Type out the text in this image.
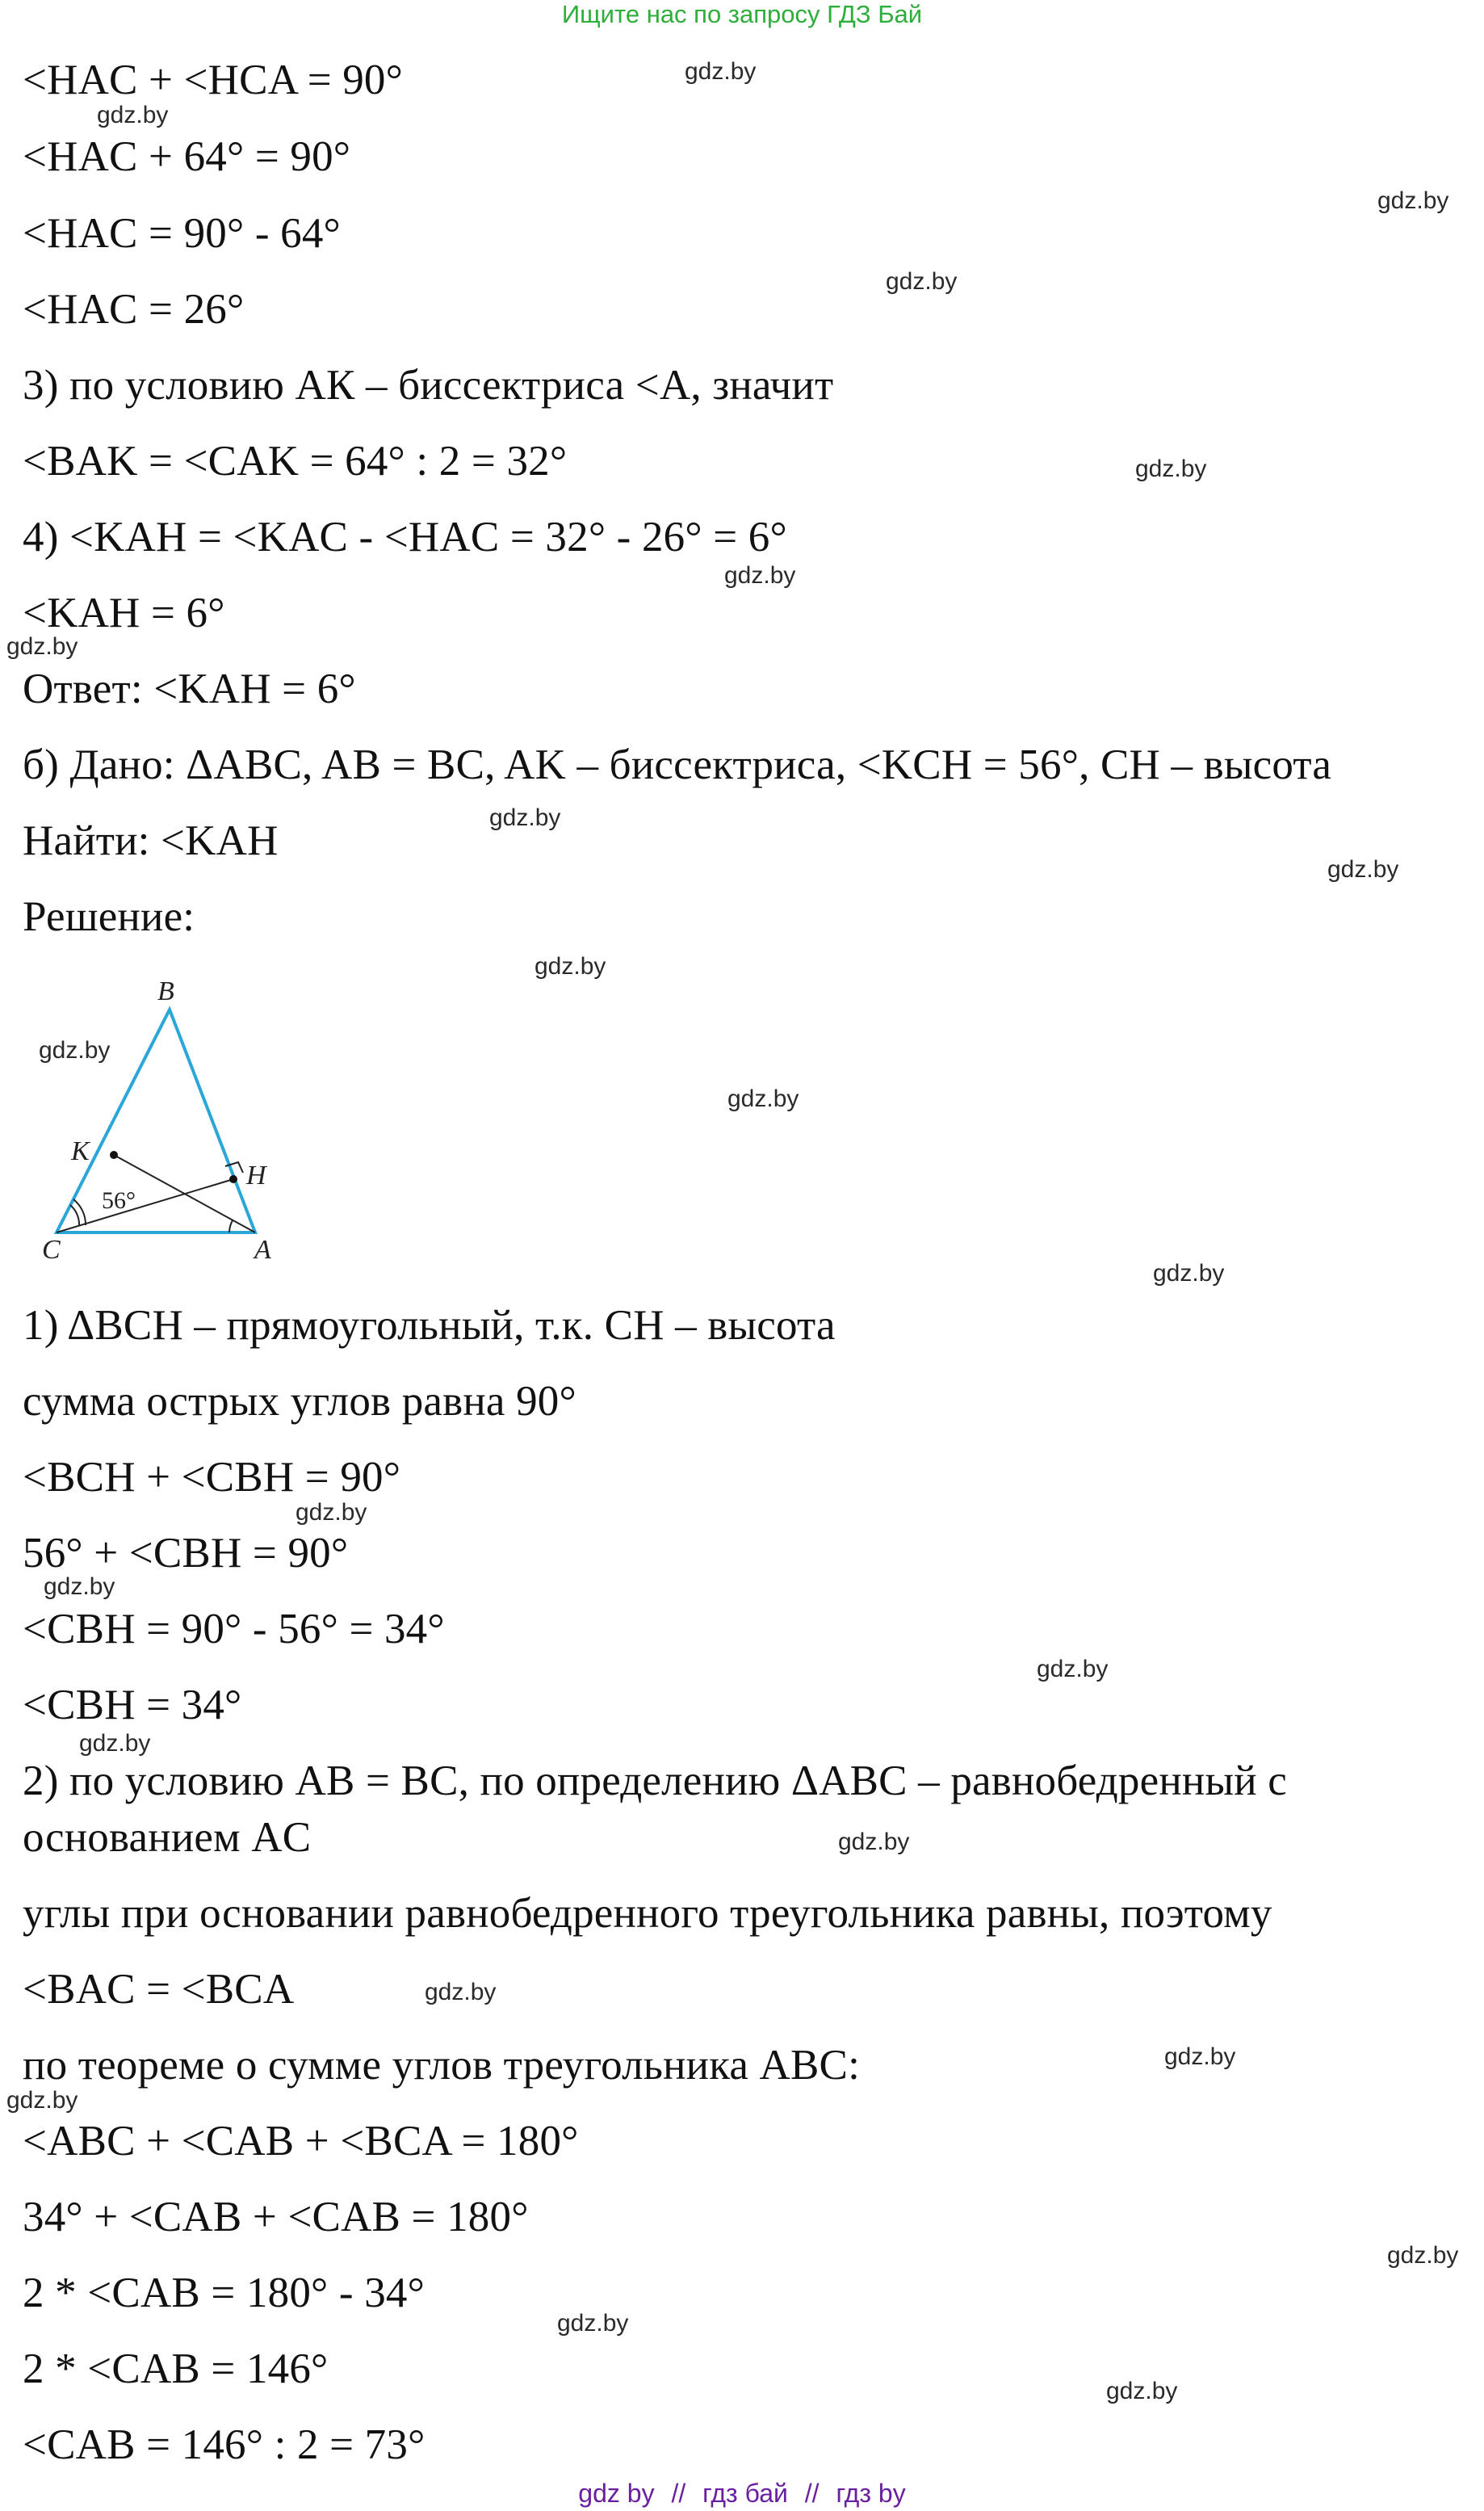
Ищите нас по запросу ГДЗ Бай
<HAC + <HCA = 90°
<HAC + 64° = 90°
<HAC = 90° - 64°
<HAC = 26°
3) по условию АК – биссектриса <А, значит
<BAK = <CAK = 64° : 2 = 32°
4) <KAH = <KAC - <HAC = 32° - 26° = 6°
<KAH = 6°
Ответ: <KAH = 6°
б) Дано: ΔABC, AB = BC, AK – биссектриса, <KCH = 56°, CH – высота
Найти: <KAH
Решение:
B
K
H
C	A
56°
1) ΔBCH – прямоугольный, т.к. CH – высота
сумма острых углов равна 90°
<BCH + <CBH = 90°
56° + <CBH = 90°
<CBH = 90° - 56° = 34°
<CBH = 34°
2) по условию AB = BC, по определению ΔABC – равнобедренный с
основанием AC
углы при основании равнобедренного треугольника равны, поэтому
<BAC = <BCA
по теореме о сумме углов треугольника ABC:
<ABC + <CAB + <BCA = 180°
34° + <CAB + <CAB = 180°
2 * <CAB = 180° - 34°
2 * <CAB = 146°
<CAB = 146° : 2 = 73°
gdz.by
gdz.by
gdz.by
gdz.by
gdz.by
gdz.by
gdz.by
gdz.by
gdz.by
gdz.by
gdz.by
gdz.by
gdz.by
gdz.by
gdz.by
gdz.by
gdz.by
gdz.by
gdz.by
gdz.by
gdz.by
gdz.by
gdz.by
gdz.by
gdz by // гдз бай // гдз by
